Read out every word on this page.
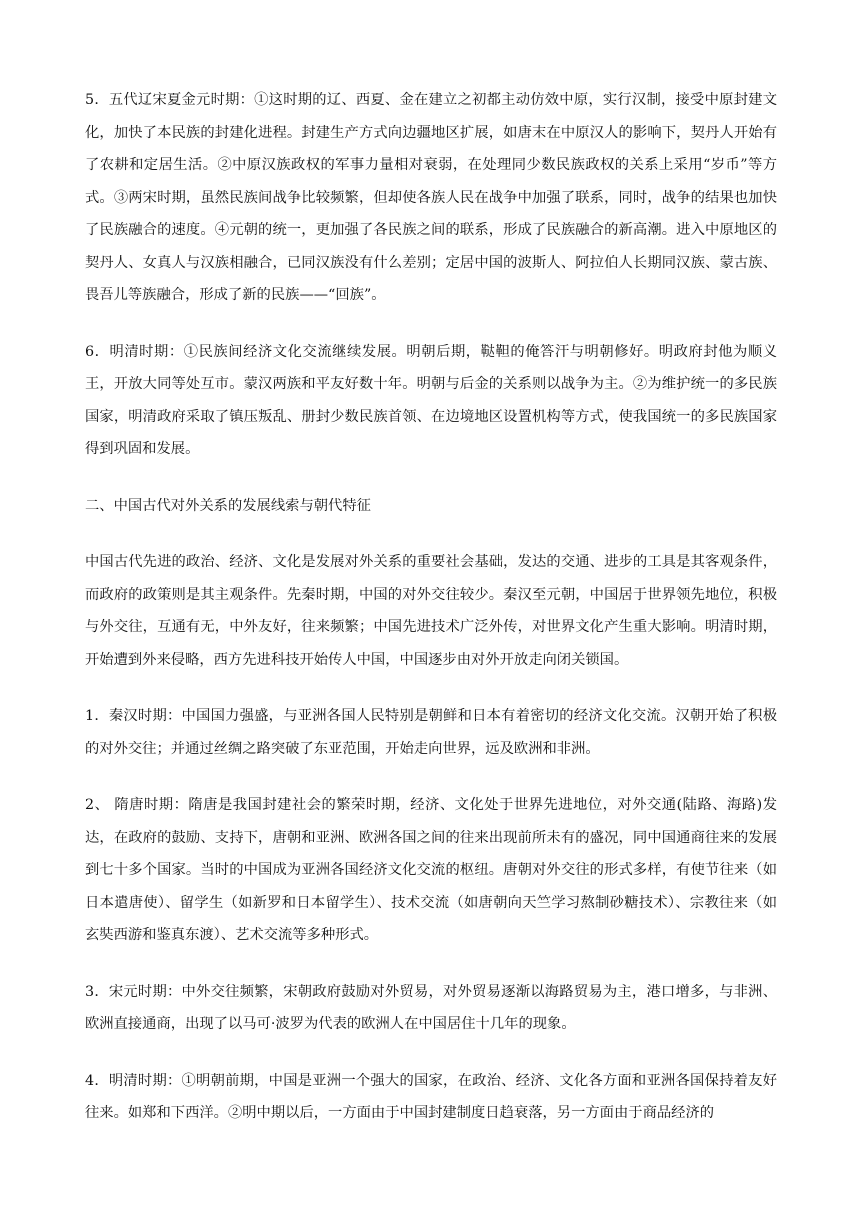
5．五代辽宋夏金元时期：①这时期的辽、西夏、金在建立之初都主动仿效中原，实行汉制，接受中原封建文化，加快了本民族的封建化进程。封建生产方式向边疆地区扩展，如唐末在中原汉人的影响下，契丹人开始有了农耕和定居生活。②中原汉族政权的军事力量相对衰弱，在处理同少数民族政权的关系上采用“岁币”等方式。③两宋时期，虽然民族间战争比较频繁，但却使各族人民在战争中加强了联系，同时，战争的结果也加快了民族融合的速度。④元朝的统一，更加强了各民族之间的联系，形成了民族融合的新高潮。进入中原地区的契丹人、女真人与汉族相融合，已同汉族没有什么差别；定居中国的波斯人、阿拉伯人长期同汉族、蒙古族、畏吾儿等族融合，形成了新的民族——“回族”。

6．明清时期：①民族间经济文化交流继续发展。明朝后期，鞑靼的俺答汗与明朝修好。明政府封他为顺义王，开放大同等处互市。蒙汉两族和平友好数十年。明朝与后金的关系则以战争为主。②为维护统一的多民族国家，明清政府采取了镇压叛乱、册封少数民族首领、在边境地区设置机构等方式，使我国统一的多民族国家得到巩固和发展。

二、中国古代对外关系的发展线索与朝代特征

中国古代先进的政治、经济、文化是发展对外关系的重要社会基础，发达的交通、进步的工具是其客观条件，而政府的政策则是其主观条件。先秦时期，中国的对外交往较少。秦汉至元朝，中国居于世界领先地位，积极与外交往，互通有无，中外友好，往来频繁；中国先进技术广泛外传，对世界文化产生重大影响。明清时期，开始遭到外来侵略，西方先进科技开始传人中国，中国逐步由对外开放走向闭关锁国。

1．秦汉时期：中国国力强盛，与亚洲各国人民特别是朝鲜和日本有着密切的经济文化交流。汉朝开始了积极的对外交往；并通过丝绸之路突破了东亚范围，开始走向世界，远及欧洲和非洲。

2、 隋唐时期：隋唐是我国封建社会的繁荣时期，经济、文化处于世界先进地位，对外交通(陆路、海路)发达，在政府的鼓励、支持下，唐朝和亚洲、欧洲各国之间的往来出现前所未有的盛况，同中国通商往来的发展到七十多个国家。当时的中国成为亚洲各国经济文化交流的枢纽。唐朝对外交往的形式多样，有使节往来（如日本遣唐使）、留学生（如新罗和日本留学生）、技术交流（如唐朝向天竺学习熬制砂糖技术）、宗教往来（如玄奘西游和鉴真东渡）、艺术交流等多种形式。

3．宋元时期：中外交往频繁，宋朝政府鼓励对外贸易，对外贸易逐渐以海路贸易为主，港口增多，与非洲、欧洲直接通商，出现了以马可·波罗为代表的欧洲人在中国居住十几年的现象。

4．明清时期：①明朝前期，中国是亚洲一个强大的国家，在政治、经济、文化各方面和亚洲各国保持着友好往来。如郑和下西洋。②明中期以后，一方面由于中国封建制度日趋衰落，另一方面由于商品经济的
